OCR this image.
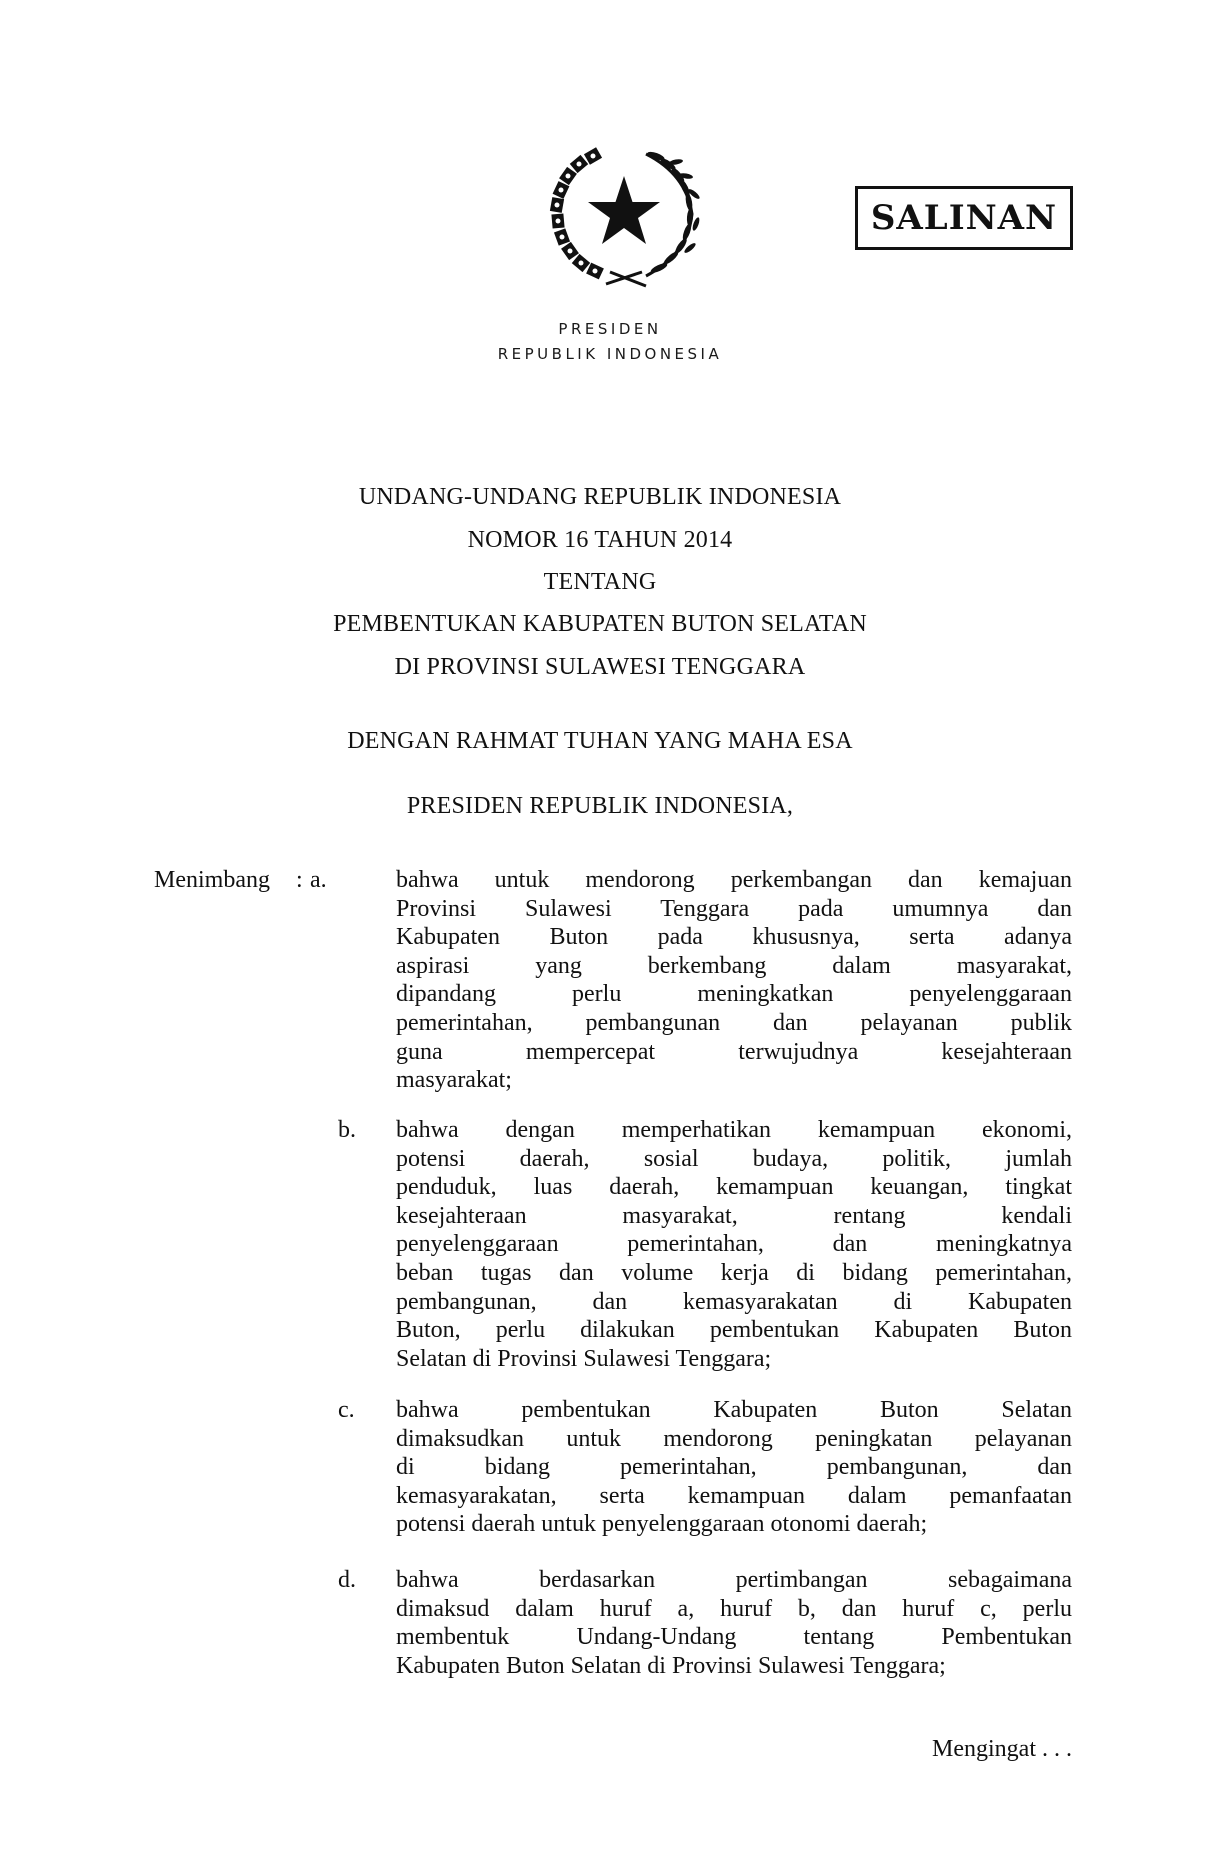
SALINAN
PRESIDEN
REPUBLIK INDONESIA
UNDANG-UNDANG REPUBLIK INDONESIA
NOMOR 16 TAHUN 2014
TENTANG
PEMBENTUKAN KABUPATEN BUTON SELATAN
DI PROVINSI SULAWESI TENGGARA
DENGAN RAHMAT TUHAN YANG MAHA ESA
PRESIDEN REPUBLIK INDONESIA,
Menimbang : a.	bahwa untuk mendorong perkembangan dan kemajuan
Provinsi Sulawesi Tenggara pada umumnya dan
Kabupaten Buton pada khususnya, serta adanya
aspirasi yang berkembang dalam masyarakat,
dipandang perlu meningkatkan penyelenggaraan
pemerintahan, pembangunan dan pelayanan publik
guna mempercepat terwujudnya kesejahteraan
masyarakat;
b.	bahwa dengan memperhatikan kemampuan ekonomi,
potensi daerah, sosial budaya, politik, jumlah
penduduk, luas daerah, kemampuan keuangan, tingkat
kesejahteraan masyarakat, rentang kendali
penyelenggaraan pemerintahan, dan meningkatnya
beban tugas dan volume kerja di bidang pemerintahan,
pembangunan, dan kemasyarakatan di Kabupaten
Buton, perlu dilakukan pembentukan Kabupaten Buton
Selatan di Provinsi Sulawesi Tenggara;
c.	bahwa pembentukan Kabupaten Buton Selatan
dimaksudkan untuk mendorong peningkatan pelayanan
di bidang pemerintahan, pembangunan, dan
kemasyarakatan, serta kemampuan dalam pemanfaatan
potensi daerah untuk penyelenggaraan otonomi daerah;
d.	bahwa berdasarkan pertimbangan sebagaimana
dimaksud dalam huruf a, huruf b, dan huruf c, perlu
membentuk Undang-Undang tentang Pembentukan
Kabupaten Buton Selatan di Provinsi Sulawesi Tenggara;
Mengingat . . .
